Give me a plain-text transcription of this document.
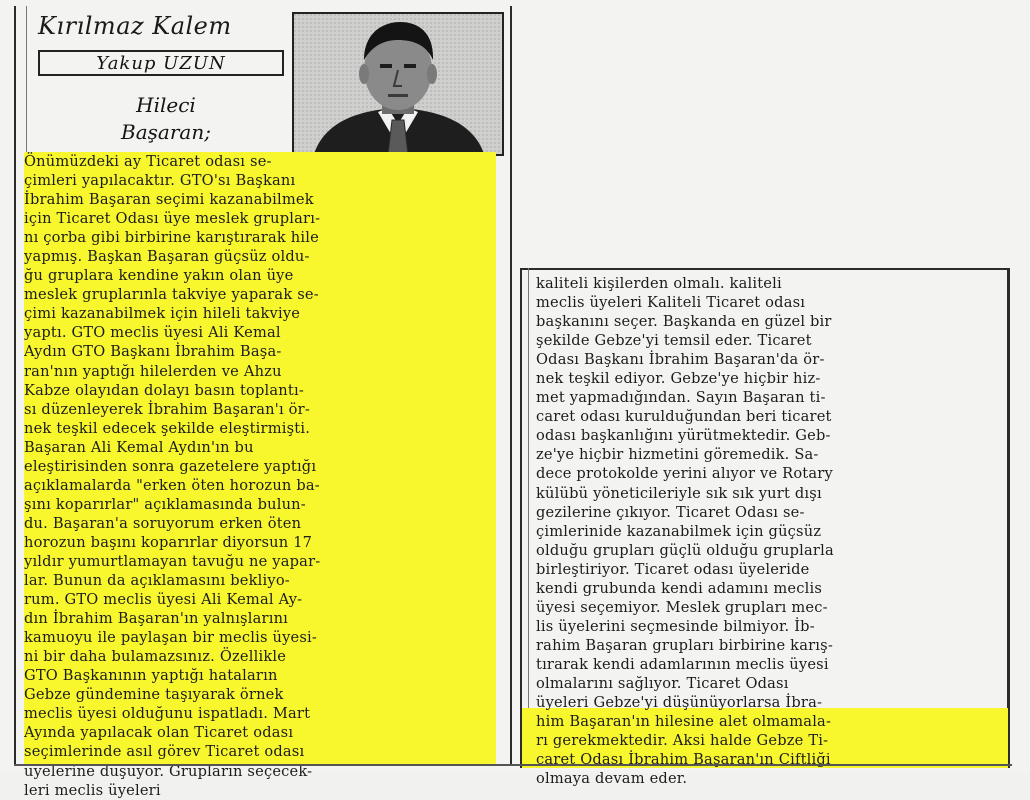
Kırılmaz Kalem
Yakup UZUN
Hileci
Başaran;
Önümüzdeki ay Ticaret odası se-
çimleri yapılacaktır. GTO'sı Başkanı
İbrahim Başaran seçimi kazanabilmek
için Ticaret Odası üye meslek grupları-
nı çorba gibi birbirine karıştırarak hile
yapmış. Başkan Başaran güçsüz oldu-
ğu gruplara kendine yakın olan üye
meslek gruplarınla takviye yaparak se-
çimi kazanabilmek için hileli takviye
yaptı. GTO meclis üyesi Ali Kemal
Aydın GTO Başkanı İbrahim Başa-
ran'nın yaptığı hilelerden ve Ahzu
Kabze olayıdan dolayı basın toplantı-
sı düzenleyerek İbrahim Başaran'ı ör-
nek teşkil edecek şekilde eleştirmişti.
Başaran Ali Kemal Aydın'ın bu
eleştirisinden sonra gazetelere yaptığı
açıklamalarda "erken öten horozun ba-
şını koparırlar" açıklamasında bulun-
du. Başaran'a soruyorum erken öten
horozun başını koparırlar diyorsun 17
yıldır yumurtlamayan tavuğu ne yapar-
lar. Bunun da açıklamasını bekliyo-
rum. GTO meclis üyesi Ali Kemal Ay-
dın İbrahim Başaran'ın yalnışlarını
kamuoyu ile paylaşan bir meclis üyesi-
ni bir daha bulamazsınız. Özellikle
GTO Başkanının yaptığı hataların
Gebze gündemine taşıyarak örnek
meclis üyesi olduğunu ispatladı. Mart
Ayında yapılacak olan Ticaret odası
seçimlerinde asıl görev Ticaret odası
üyelerine düşüyor. Grupların seçecek-
leri meclis üyeleri
kaliteli kişilerden olmalı. kaliteli
meclis üyeleri Kaliteli Ticaret odası
başkanını seçer. Başkanda en güzel bir
şekilde Gebze'yi temsil eder. Ticaret
Odası Başkanı İbrahim Başaran'da ör-
nek teşkil ediyor. Gebze'ye hiçbir hiz-
met yapmadığından. Sayın Başaran ti-
caret odası kurulduğundan beri ticaret
odası başkanlığını yürütmektedir. Geb-
ze'ye hiçbir hizmetini göremedik. Sa-
dece protokolde yerini alıyor ve Rotary
külübü yöneticileriyle sık sık yurt dışı
gezilerine çıkıyor. Ticaret Odası se-
çimlerinide kazanabilmek için güçsüz
olduğu grupları güçlü olduğu gruplarla
birleştiriyor. Ticaret odası üyeleride
kendi grubunda kendi adamını meclis
üyesi seçemiyor. Meslek grupları mec-
lis üyelerini seçmesinde bilmiyor. İb-
rahim Başaran grupları birbirine karış-
tırarak kendi adamlarının meclis üyesi
olmalarını sağlıyor. Ticaret Odası
üyeleri Gebze'yi düşünüyorlarsa İbra-
him Başaran'ın hilesine alet olmamala-
rı gerekmektedir. Aksi halde Gebze Ti-
caret Odası İbrahim Başaran'ın Ciftliği
olmaya devam eder.
